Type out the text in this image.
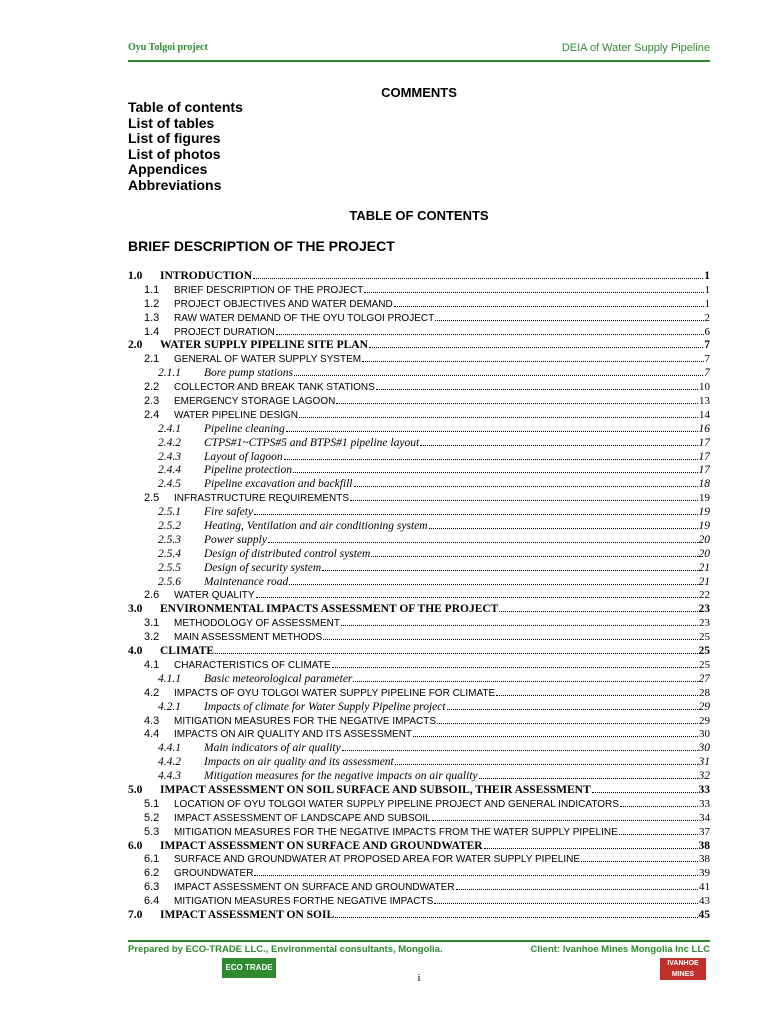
Oyu Tolgoi project	DEIA of Water Supply Pipeline
COMMENTS
Table of contents
List of tables
List of figures
List of photos
Appendices
Abbreviations
TABLE OF CONTENTS
BRIEF DESCRIPTION OF THE PROJECT
1.0	INTRODUCTION	1
1.1	BRIEF DESCRIPTION OF THE PROJECT	1
1.2	PROJECT OBJECTIVES AND WATER DEMAND	1
1.3	RAW WATER DEMAND OF THE OYU TOLGOI PROJECT	2
1.4	PROJECT DURATION	6
2.0	WATER SUPPLY PIPELINE SITE PLAN	7
2.1	GENERAL OF WATER SUPPLY SYSTEM	7
2.1.1	Bore pump stations	7
2.2	COLLECTOR AND BREAK TANK STATIONS	10
2.3	EMERGENCY STORAGE LAGOON	13
2.4	WATER PIPELINE DESIGN	14
2.4.1	Pipeline cleaning	16
2.4.2	CTPS#1~CTPS#5 and BTPS#1 pipeline layout	17
2.4.3	Layout of lagoon	17
2.4.4	Pipeline protection	17
2.4.5	Pipeline excavation and backfill	18
2.5	INFRASTRUCTURE REQUIREMENTS	19
2.5.1	Fire safety	19
2.5.2	Heating, Ventilation and air conditioning system	19
2.5.3	Power supply	20
2.5.4	Design of distributed control system	20
2.5.5	Design of security system	21
2.5.6	Maintenance road	21
2.6	WATER QUALITY	22
3.0	ENVIRONMENTAL IMPACTS ASSESSMENT OF THE PROJECT	23
3.1	METHODOLOGY OF ASSESSMENT	23
3.2	MAIN ASSESSMENT METHODS	25
4.0	CLIMATE	25
4.1	CHARACTERISTICS OF CLIMATE	25
4.1.1	Basic meteorological parameter	27
4.2	IMPACTS OF OYU TOLGOI WATER SUPPLY PIPELINE FOR CLIMATE	28
4.2.1	Impacts of climate for Water Supply Pipeline project	29
4.3	MITIGATION MEASURES FOR THE NEGATIVE IMPACTS	29
4.4	IMPACTS ON AIR QUALITY AND ITS ASSESSMENT	30
4.4.1	Main indicators of air quality	30
4.4.2	Impacts on air quality and its assessment	31
4.4.3	Mitigation measures for the negative impacts on air quality	32
5.0	IMPACT ASSESSMENT ON SOIL SURFACE AND SUBSOIL, THEIR ASSESSMENT	33
5.1	LOCATION OF OYU TOLGOI WATER SUPPLY PIPELINE PROJECT AND GENERAL INDICATORS	33
5.2	IMPACT ASSESSMENT OF LANDSCAPE AND SUBSOIL	34
5.3	MITIGATION MEASURES FOR THE NEGATIVE IMPACTS FROM THE WATER SUPPLY PIPELINE	37
6.0	IMPACT ASSESSMENT ON SURFACE AND GROUNDWATER	38
6.1	SURFACE AND GROUNDWATER AT PROPOSED AREA FOR WATER SUPPLY PIPELINE	38
6.2	GROUNDWATER	39
6.3	IMPACT ASSESSMENT ON SURFACE AND GROUNDWATER	41
6.4	MITIGATION MEASURES FORTHE NEGATIVE IMPACTS	43
7.0	IMPACT ASSESSMENT ON SOIL	45
Prepared by ECO-TRADE LLC., Environmental consultants, Mongolia.	Client: Ivanhoe Mines Mongolia Inc LLC
ECO TRADE	IVANHOE MINES
i
